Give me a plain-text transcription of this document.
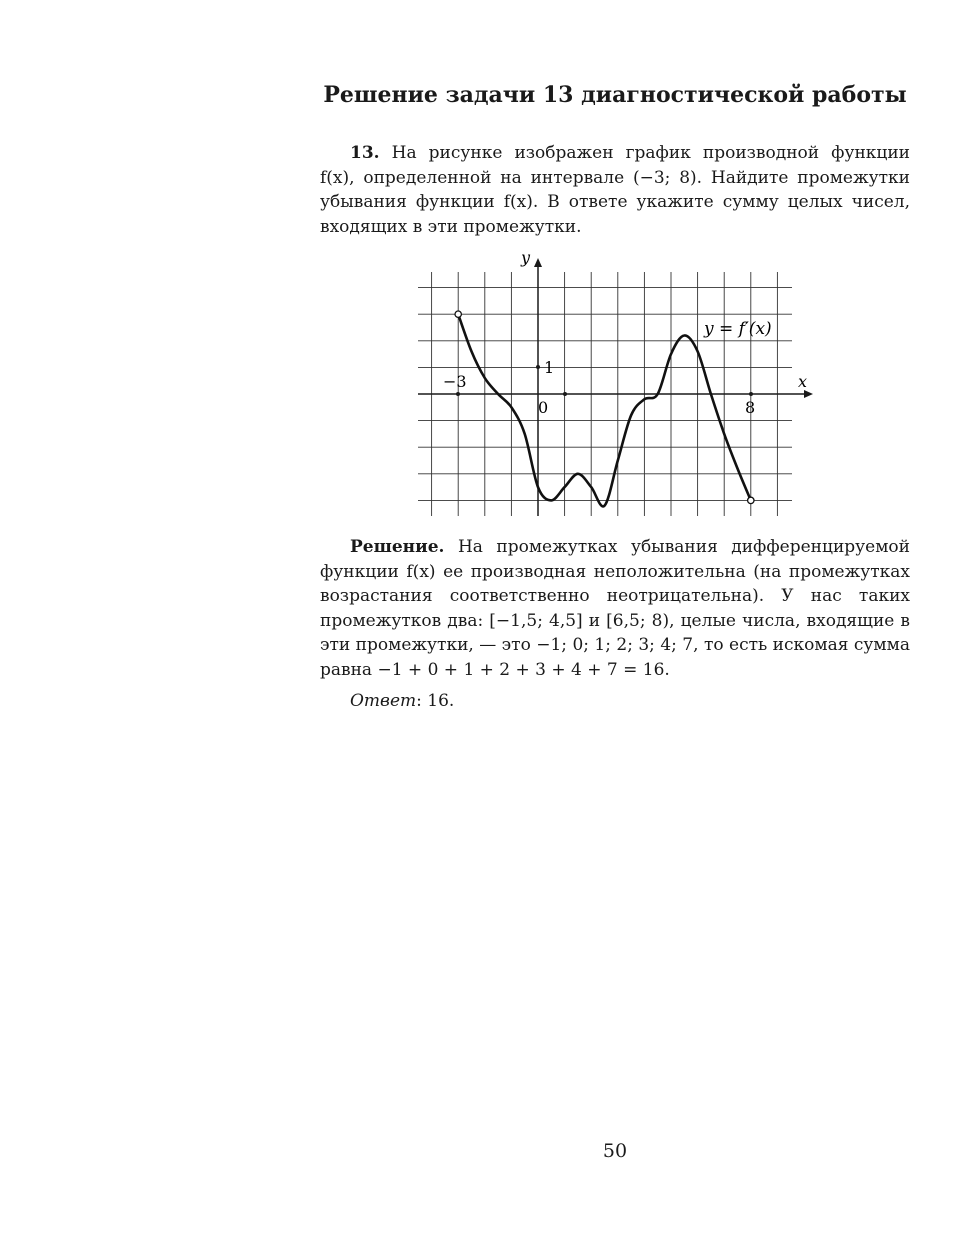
Решение задачи 13 диагностической работы
13. На рисунке изображен график производной функции f(x), определенной на интервале (−3; 8). Найдите промежутки убывания функции f(x). В ответе укажите сумму целых чисел, входящих в эти промежутки.
y
x
y = f′(x)
−3
1
0	8
Решение. На промежутках убывания дифференцируемой функции f(x) ее производная неположительна (на промежутках возрастания соответственно неотрицательна). У нас таких промежутков два: [−1,5; 4,5] и [6,5; 8), целые числа, входящие в эти промежутки, — это −1; 0; 1; 2; 3; 4; 7, то есть искомая сумма равна −1 + 0 + 1 + 2 + 3 + 4 + 7 = 16.
Ответ: 16.
50
